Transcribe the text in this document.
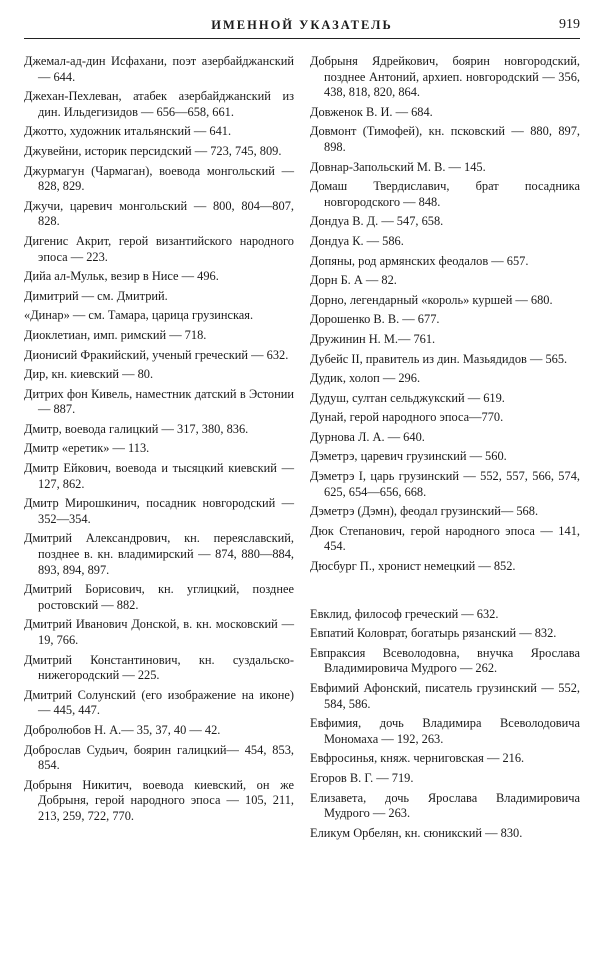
ИМЕННОЙ УКАЗАТЕЛЬ	919

Джемал-ад-дин Исфахани, поэт азербайджанский — 644.

Джехан-Пехлеван, атабек азербайджанский из дин. Ильдегизидов — 656—658, 661.

Джотто, художник итальянский — 641.

Джувейни, историк персидский — 723, 745, 809.

Джурмагун (Чармаган), воевода монгольский — 828, 829.

Джучи, царевич монгольский — 800, 804—807, 828.

Дигенис Акрит, герой византийского народного эпоса — 223.

Дийа ал-Мульк, везир в Нисе — 496.

Димитрий — см. Дмитрий.

«Динар» — см. Тамара, царица грузинская.

Диоклетиан, имп. римский — 718.

Дионисий Фракийский, ученый греческий — 632.

Дир, кн. киевский — 80.

Дитрих фон Кивель, наместник датский в Эстонии — 887.

Дмитр, воевода галицкий — 317, 380, 836.

Дмитр «еретик» — 113.

Дмитр Ейкович, воевода и тысяцкий киевский — 127, 862.

Дмитр Мирошкинич, посадник новгородский — 352—354.

Дмитрий Александрович, кн. переяславский, позднее в. кн. владимирский — 874, 880—884, 893, 894, 897.

Дмитрий Борисович, кн. углицкий, позднее ростовский — 882.

Дмитрий Иванович Донской, в. кн. московский — 19, 766.

Дмитрий Константинович, кн. суздальско-нижегородский — 225.

Дмитрий Солунский (его изображение на иконе) — 445, 447.

Добролюбов Н. А.— 35, 37, 40 — 42.

Доброслав Судьич, боярин галицкий— 454, 853, 854.

Добрыня Никитич, воевода киевский, он же Добрыня, герой народного эпоса — 105, 211, 213, 259, 722, 770.

Добрыня Ядрейкович, боярин новгородский, позднее Антоний, архиеп. новгородский — 356, 438, 818, 820, 864.

Довженок В. И. — 684.

Довмонт (Тимофей), кн. псковский — 880, 897, 898.

Довнар-Запольский М. В. — 145.

Домаш Твердиславич, брат посадника новгородского — 848.

Дондуа В. Д. — 547, 658.

Дондуа К. — 586.

Допяны, род армянских феодалов — 657.

Дорн Б. А — 82.

Дорно, легендарный «король» куршей — 680.

Дорошенко В. В. — 677.

Дружинин Н. М.— 761.

Дубейс II, правитель из дин. Мазьядидов — 565.

Дудик, холоп — 296.

Дудуш, султан сельджукский — 619.

Дунай, герой народного эпоса—770.

Дурнова Л. А. — 640.

Дэметрэ, царевич грузинский — 560.

Дэметрэ I, царь грузинский — 552, 557, 566, 574, 625, 654—656, 668.

Дэметрэ (Дэмн), феодал грузинский— 568.

Дюк Степанович, герой народного эпоса — 141, 454.

Дюсбург П., хронист немецкий — 852.

Евклид, философ греческий — 632.

Евпатий Коловрат, богатырь рязанский — 832.

Евпраксия Всеволодовна, внучка Ярослава Владимировича Мудрого — 262.

Евфимий Афонский, писатель грузинский — 552, 584, 586.

Евфимия, дочь Владимира Всеволодовича Мономаха — 192, 263.

Евфросинья, княж. черниговская — 216.

Егоров В. Г. — 719.

Елизавета, дочь Ярослава Владимировича Мудрого — 263.

Еликум Орбелян, кн. сюникский — 830.
